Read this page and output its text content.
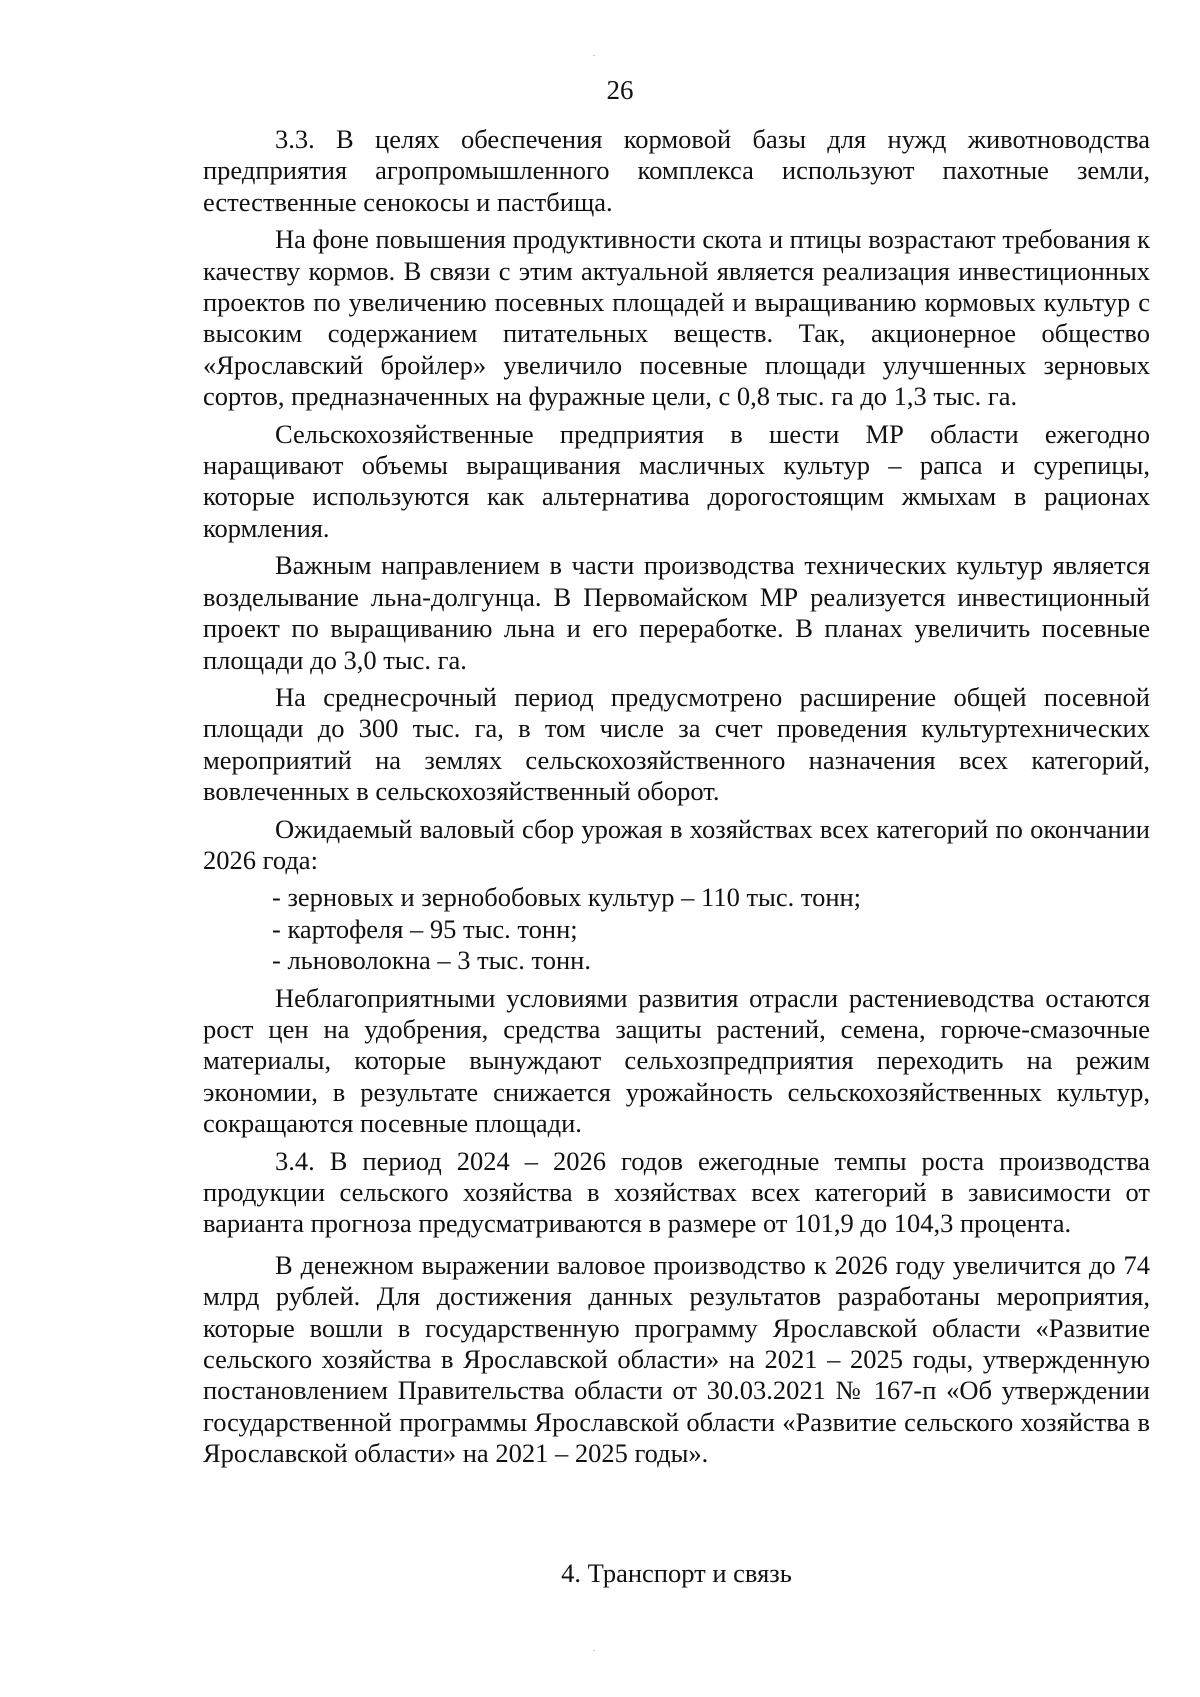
26

3.3. В целях обеспечения кормовой базы для нужд животноводства предприятия агропромышленного комплекса используют пахотные земли, естественные сенокосы и пастбища.

На фоне повышения продуктивности скота и птицы возрастают требования к качеству кормов. В связи с этим актуальной является реализация инвестиционных проектов по увеличению посевных площадей и выращиванию кормовых культур с высоким содержанием питательных веществ. Так, акционерное общество «Ярославский бройлер» увеличило посевные площади улучшенных зерновых сортов, предназначенных на фуражные цели, с 0,8 тыс. га до 1,3 тыс. га.

Сельскохозяйственные предприятия в шести МР области ежегодно наращивают объемы выращивания масличных культур – рапса и сурепицы, которые используются как альтернатива дорогостоящим жмыхам в рационах кормления.

Важным направлением в части производства технических культур является возделывание льна-долгунца. В Первомайском МР реализуется инвестиционный проект по выращиванию льна и его переработке. В планах увеличить посевные площади до 3,0 тыс. га.

На среднесрочный период предусмотрено расширение общей посевной площади до 300 тыс. га, в том числе за счет проведения культуртехнических мероприятий на землях сельскохозяйственного назначения всех категорий, вовлеченных в сельскохозяйственный оборот.

Ожидаемый валовый сбор урожая в хозяйствах всех категорий по окончании 2026 года:

- зерновых и зернобобовых культур – 110 тыс. тонн;

- картофеля – 95 тыс. тонн;

- льноволокна – 3 тыс. тонн.

Неблагоприятными условиями развития отрасли растениеводства остаются рост цен на удобрения, средства защиты растений, семена, горюче-смазочные материалы, которые вынуждают сельхозпредприятия переходить на режим экономии, в результате снижается урожайность сельскохозяйственных культур, сокращаются посевные площади.

3.4. В период 2024 – 2026 годов ежегодные темпы роста производства продукции сельского хозяйства в хозяйствах всех категорий в зависимости от варианта прогноза предусматриваются в размере от 101,9 до 104,3 процента.

В денежном выражении валовое производство к 2026 году увеличится до 74 млрд рублей. Для достижения данных результатов разработаны мероприятия, которые вошли в государственную программу Ярославской области «Развитие сельского хозяйства в Ярославской области» на 2021 – 2025 годы, утвержденную постановлением Правительства области от 30.03.2021 № 167-п «Об утверждении государственной программы Ярославской области «Развитие сельского хозяйства в Ярославской области» на 2021 – 2025 годы».

4. Транспорт и связь
